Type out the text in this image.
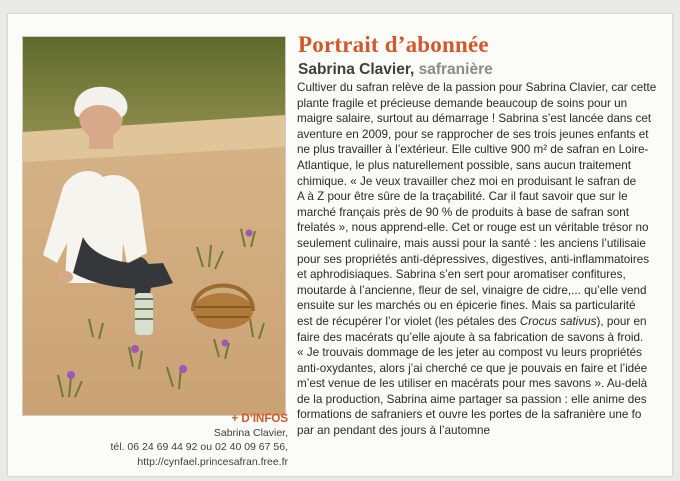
+ D’INFOS
Sabrina Clavier,
tél. 06 24 69 44 92 ou 02 40 09 67 56,
http://cynfael.princesafran.free.fr
Portrait d’abonnée
Sabrina Clavier, safranière
Cultiver du safran relève de la passion pour Sabrina Clavier, car cette
plante fragile et précieuse demande beaucoup de soins pour un
maigre salaire, surtout au démarrage ! Sabrina s’est lancée dans cet
aventure en 2009, pour se rapprocher de ses trois jeunes enfants et
ne plus travailler à l’extérieur. Elle cultive 900 m² de safran en Loire-
Atlantique, le plus naturellement possible, sans aucun traitement
chimique. « Je veux travailler chez moi en produisant le safran de
A à Z pour être sûre de la traçabilité. Car il faut savoir que sur le
marché français près de 90 % de produits à base de safran sont
frelatés », nous apprend-elle. Cet or rouge est un véritable trésor no
seulement culinaire, mais aussi pour la santé : les anciens l’utilisaie
pour ses propriétés anti-dépressives, digestives, anti-inflammatoires
et aphrodisiaques. Sabrina s’en sert pour aromatiser confitures,
moutarde à l’ancienne, fleur de sel, vinaigre de cidre,... qu’elle vend
ensuite sur les marchés ou en épicerie fines. Mais sa particularité
est de récupérer l’or violet (les pétales des Crocus sativus), pour en
faire des macérats qu’elle ajoute à sa fabrication de savons à froid.
« Je trouvais dommage de les jeter au compost vu leurs propriétés
anti-oxydantes, alors j’ai cherché ce que je pouvais en faire et l’idée
m’est venue de les utiliser en macérats pour mes savons ». Au-delà
de la production, Sabrina aime partager sa passion : elle anime des
formations de safraniers et ouvre les portes de la safranière une fo
par an pendant des jours à l’automne
